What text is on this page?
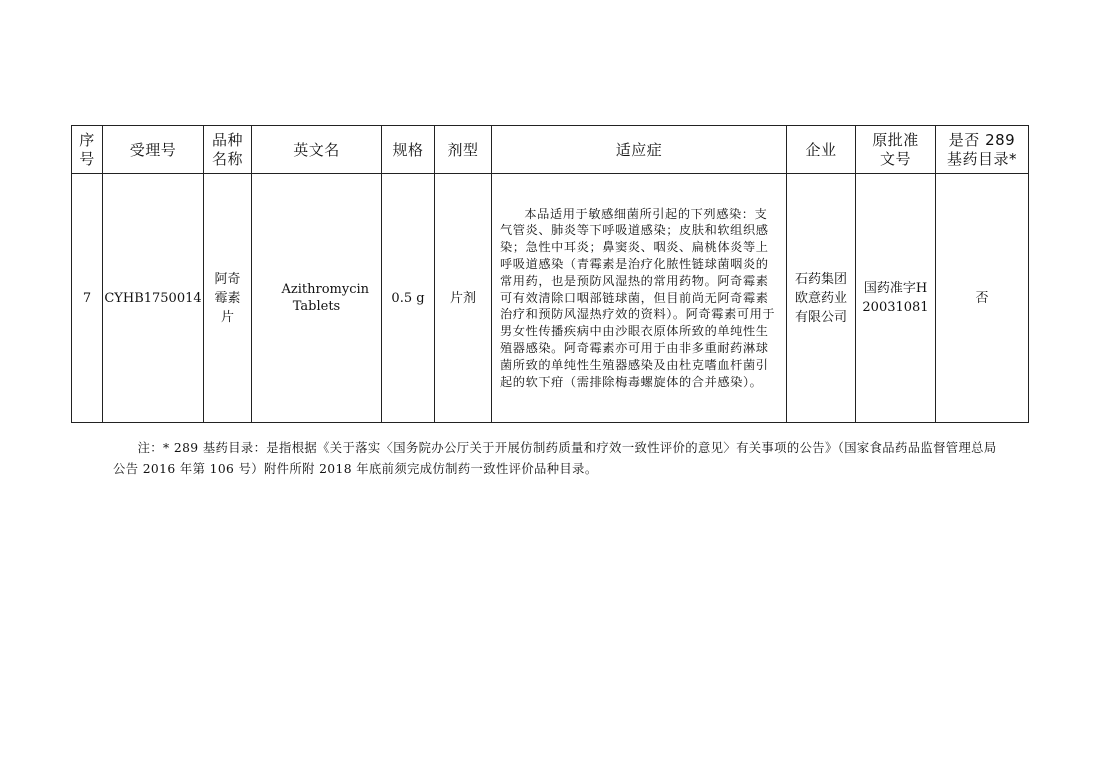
序号	受理号	品种名称	英文名	规格	剂型	适应症	企业	原批准文号	是否 289 基药目录*
7	CYHB1750014	阿奇霉素片	Azithromycin Tablets	0.5 g	片剂	本品适用于敏感细菌所引起的下列感染：支气管炎、肺炎等下呼吸道感染；皮肤和软组织感染；急性中耳炎；鼻窦炎、咽炎、扁桃体炎等上呼吸道感染（青霉素是治疗化脓性链球菌咽炎的常用药，也是预防风湿热的常用药物。阿奇霉素可有效清除口咽部链球菌，但目前尚无阿奇霉素治疗和预防风湿热疗效的资料）。阿奇霉素可用于男女性传播疾病中由沙眼衣原体所致的单纯性生殖器感染。阿奇霉素亦可用于由非多重耐药淋球菌所致的单纯性生殖器感染及由杜克嗜血杆菌引起的软下疳（需排除梅毒螺旋体的合并感染）。	石药集团欧意药业有限公司	国药准字H20031081	否

注：* 289 基药目录：是指根据《关于落实〈国务院办公厅关于开展仿制药质量和疗效一致性评价的意见〉有关事项的公告》（国家食品药品监督管理总局公告 2016 年第 106 号）附件所附 2018 年底前须完成仿制药一致性评价品种目录。
